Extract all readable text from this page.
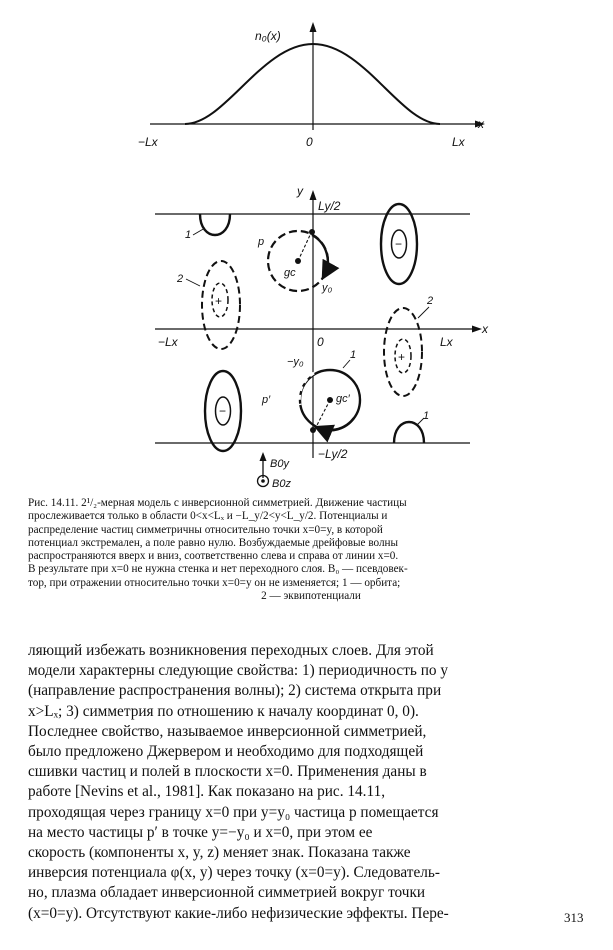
n₀(x)
x
−Lx	0	Lx
y
Ly/2
−Ly/2
x
−Lx	0	Lx
1
1
−
−
+
2
+
2
p
gc
y₀
1
p′	gc′
−y₀
B0y
B0z
Рис. 14.11. 2¹/₂-мерная модель с инверсионной симметрией. Движение частицы
прослеживается только в области 0<x<Lₓ и −L_y/2<y<L_y/2. Потенциалы и
распределение частиц симметричны относительно точки x=0=y, в которой
потенциал экстремален, а поле равно нулю. Возбуждаемые дрейфовые волны
распространяются вверх и вниз, соответственно слева и справа от линии x=0.
В результате при x=0 не нужна стенка и нет переходного слоя. B₀ — псевдовек-
тор, при отражении относительно точки x=0=y он не изменяется; 1 — орбита;
2 — эквипотенциали
ляющий избежать возникновения переходных слоев. Для этой
модели характерны следующие свойства: 1) периодичность по y
(направление распространения волны); 2) система открыта при
x>Lₓ; 3) симметрия по отношению к началу координат 0, 0).
Последнее свойство, называемое инверсионной симметрией,
было предложено Джервером и необходимо для подходящей
сшивки частиц и полей в плоскости x=0. Применения даны в
работе [Nevins et al., 1981]. Как показано на рис. 14.11,
проходящая через границу x=0 при y=y₀ частица p помещается
на место частицы p′ в точке y=−y₀ и x=0, при этом ее
скорость (компоненты x, y, z) меняет знак. Показана также
инверсия потенциала φ(x, y) через точку (x=0=y). Следователь-
но, плазма обладает инверсионной симметрией вокруг точки
(x=0=y). Отсутствуют какие-либо нефизические эффекты. Пере-	313
